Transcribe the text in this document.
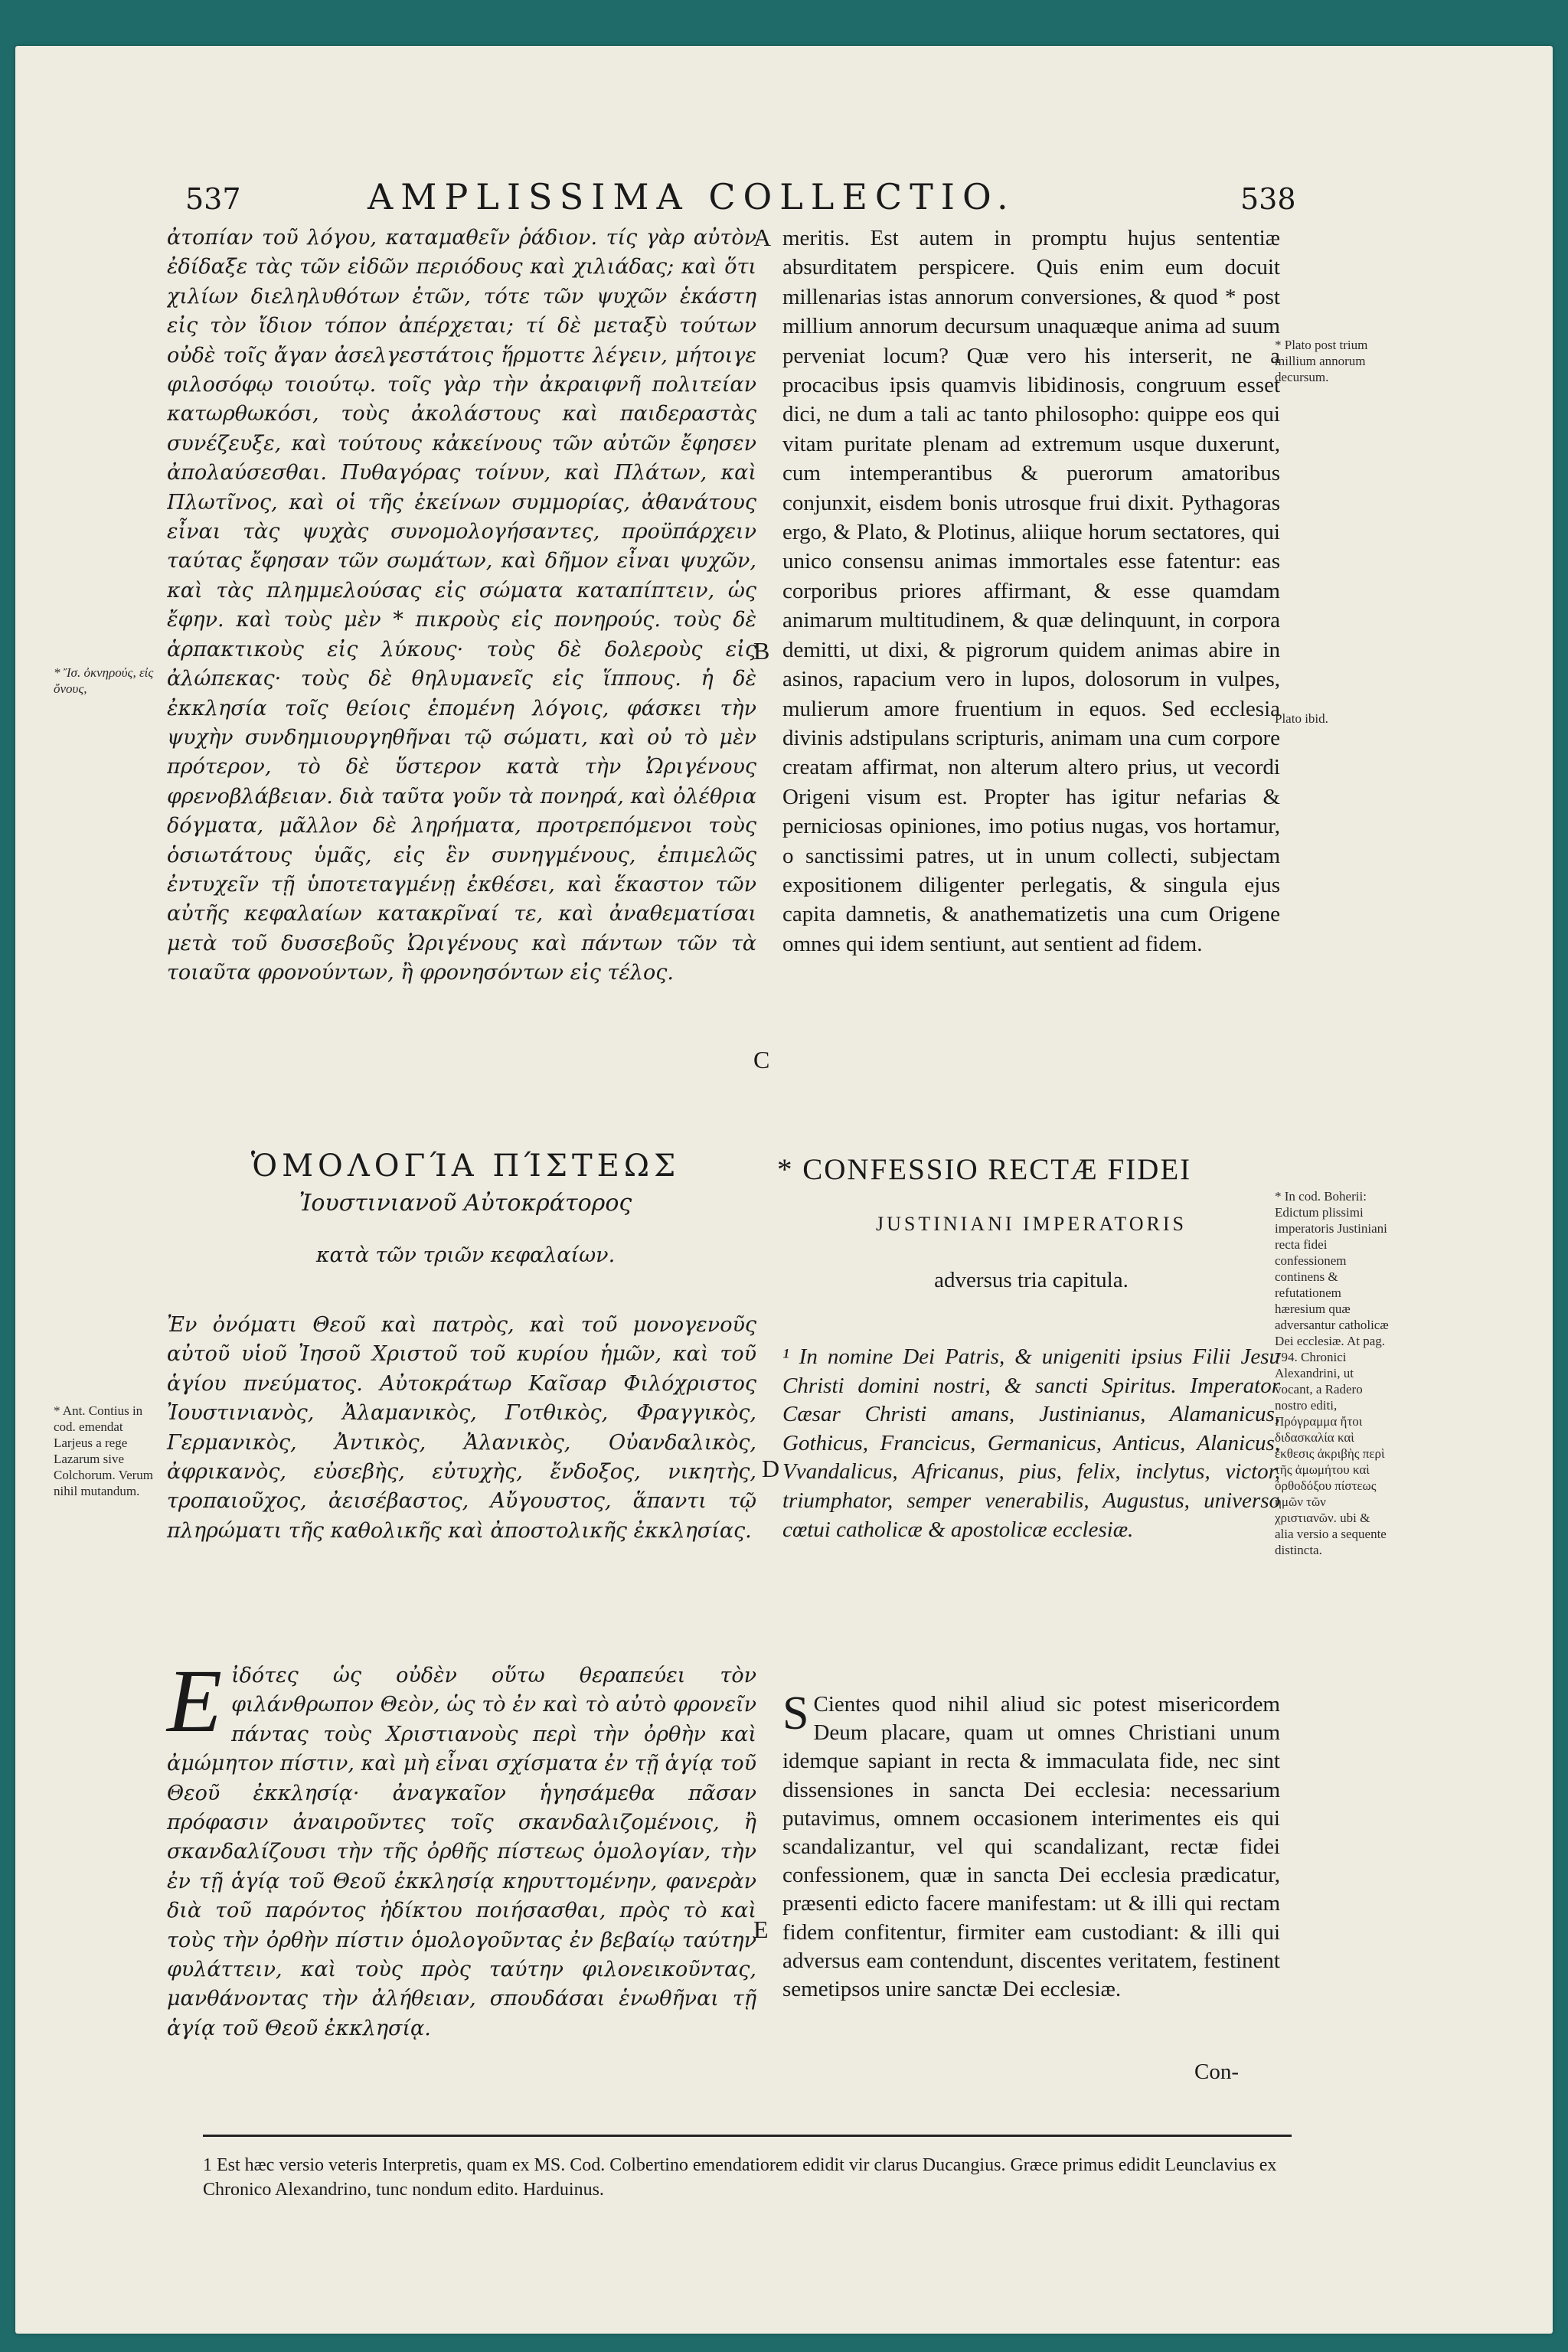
537	AMPLISSIMA COLLECTIO.	538

ἀτοπίαν τοῦ λόγου, καταμαθεῖν ῥάδιον. τίς γὰρ αὐτὸν ἐδίδαξε τὰς τῶν εἰδῶν περιόδους καὶ χιλιάδας; καὶ ὅτι χιλίων διεληλυθότων ἐτῶν, τότε τῶν ψυχῶν ἑκάστη εἰς τὸν ἴδιον τόπον ἀπέρχεται; τί δὲ μεταξὺ τούτων οὐδὲ τοῖς ἄγαν ἀσελγεστάτοις ἥρμοττε λέγειν, μήτοιγε φιλοσόφῳ τοιούτῳ. τοῖς γὰρ τὴν ἀκραιφνῆ πολιτείαν κατωρθωκόσι, τοὺς ἀκολάστους καὶ παιδεραστὰς συνέζευξε, καὶ τούτους κἀκείνους τῶν αὐτῶν ἔφησεν ἀπολαύσεσθαι. Πυθαγόρας τοίνυν, καὶ Πλάτων, καὶ Πλωτῖνος, καὶ οἱ τῆς ἐκείνων συμμορίας, ἀθανάτους εἶναι τὰς ψυχὰς συνομολογήσαντες, προϋπάρχειν ταύτας ἔφησαν τῶν σωμάτων, καὶ δῆμον εἶναι ψυχῶν, καὶ τὰς πλημμελούσας εἰς σώματα καταπίπτειν, ὡς ἔφην. καὶ τοὺς μὲν * πικροὺς εἰς πονηρούς. τοὺς δὲ ἁρπακτικοὺς εἰς λύκους· τοὺς δὲ δολεροὺς εἰς ἀλώπεκας· τοὺς δὲ θηλυμανεῖς εἰς ἵππους. ἡ δὲ ἐκκλησία τοῖς θείοις ἑπομένη λόγοις, φάσκει τὴν ψυχὴν συνδημιουργηθῆναι τῷ σώματι, καὶ οὐ τὸ μὲν πρότερον, τὸ δὲ ὕστερον κατὰ τὴν Ὠριγένους φρενοβλάβειαν. διὰ ταῦτα γοῦν τὰ πονηρά, καὶ ὀλέθρια δόγματα, μᾶλλον δὲ ληρήματα, προτρεπόμενοι τοὺς ὁσιωτάτους ὑμᾶς, εἰς ἓν συνηγμένους, ἐπιμελῶς ἐντυχεῖν τῇ ὑποτεταγμένῃ ἐκθέσει, καὶ ἕκαστον τῶν αὐτῆς κεφαλαίων κατακρῖναί τε, καὶ ἀναθεματίσαι μετὰ τοῦ δυσσεβοῦς Ὠριγένους καὶ πάντων τῶν τὰ τοιαῦτα φρονούντων, ἢ φρονησόντων εἰς τέλος.

meritis. Est autem in promptu hujus sententiæ absurditatem perspicere. Quis enim eum docuit millenarias istas annorum conversiones, & quod * post millium annorum decursum unaquæque anima ad suum perveniat locum? Quæ vero his interserit, ne a procacibus ipsis quamvis libidinosis, congruum esset dici, ne dum a tali ac tanto philosopho: quippe eos qui vitam puritate plenam ad extremum usque duxerunt, cum intemperantibus & puerorum amatoribus conjunxit, eisdem bonis utrosque frui dixit. Pythagoras ergo, & Plato, & Plotinus, aliique horum sectatores, qui unico consensu animas immortales esse fatentur: eas corporibus priores affirmant, & esse quamdam animarum multitudinem, & quæ delinquunt, in corpora demitti, ut dixi, & pigrorum quidem animas abire in asinos, rapacium vero in lupos, dolosorum in vulpes, mulierum amore fruentium in equos. Sed ecclesia divinis adstipulans scripturis, animam una cum corpore creatam affirmat, non alterum altero prius, ut vecordi Origeni visum est. Propter has igitur nefarias & perniciosas opiniones, imo potius nugas, vos hortamur, o sanctissimi patres, ut in unum collecti, subjectam expositionem diligenter perlegatis, & singula ejus capita damnetis, & anathematizetis una cum Origene omnes qui idem sentiunt, aut sentient ad fidem.

A
B
C
D
E
* Plato post trium millium annorum decursum.
Plato ibid.
* Ἴσ. ὀκνηρούς, εἰς ὄνους,
* Ant. Contius in cod. emendat Larjeus a rege Lazarum sive Colchorum. Verum nihil mutandum.
* In cod. Boherii: Edictum plissimi imperatoris Justiniani recta fidei confessionem continens & refutationem hæresium quæ adversantur catholicæ Dei ecclesiæ. At pag. 794. Chronici Alexandrini, ut vocant, a Radero nostro editi, Πρόγραμμα ἤτοι διδασκαλία καὶ ἔκθεσις ἀκριβὴς περὶ τῆς ἀμωμήτου καὶ ὀρθοδόξου πίστεως ἡμῶν τῶν χριστιανῶν. ubi & alia versio a sequente distincta.
ὉΜΟΛΟΓΊΑ ΠΊΣΤΕΩΣ
Ἰουστινιανοῦ Αὐτοκράτορος
κατὰ τῶν τριῶν κεφαλαίων.

Ἐν ὀνόματι Θεοῦ καὶ πατρὸς, καὶ τοῦ μονογενοῦς αὐτοῦ υἱοῦ Ἰησοῦ Χριστοῦ τοῦ κυρίου ἡμῶν, καὶ τοῦ ἁγίου πνεύματος. Αὐτοκράτωρ Καῖσαρ Φιλόχριστος Ἰουστινιανὸς, Ἀλαμανικὸς, Γοτθικὸς, Φραγγικὸς, Γερμανικὸς, Ἀντικὸς, Ἀλανικὸς, Οὐανδαλικὸς, ἀφρικανὸς, εὐσεβὴς, εὐτυχὴς, ἔνδοξος, νικητὴς, τροπαιοῦχος, ἀεισέβαστος, Αὔγουστος, ἅπαντι τῷ πληρώματι τῆς καθολικῆς καὶ ἀποστολικῆς ἐκκλησίας.

Ε ἰδότες ὡς οὐδὲν οὕτω θεραπεύει τὸν φιλάνθρωπον Θεὸν, ὡς τὸ ἐν καὶ τὸ αὐτὸ φρονεῖν πάντας τοὺς Χριστιανοὺς περὶ τὴν ὀρθὴν καὶ ἀμώμητον πίστιν, καὶ μὴ εἶναι σχίσματα ἐν τῇ ἁγίᾳ τοῦ Θεοῦ ἐκκλησίᾳ· ἀναγκαῖον ἡγησάμεθα πᾶσαν πρόφασιν ἀναιροῦντες τοῖς σκανδαλιζομένοις, ἢ σκανδαλίζουσι τὴν τῆς ὀρθῆς πίστεως ὁμολογίαν, τὴν ἐν τῇ ἁγίᾳ τοῦ Θεοῦ ἐκκλησίᾳ κηρυττομένην, φανερὰν διὰ τοῦ παρόντος ἠδίκτου ποιήσασθαι, πρὸς τὸ καὶ τοὺς τὴν ὀρθὴν πίστιν ὁμολογοῦντας ἐν βεβαίῳ ταύτην φυλάττειν, καὶ τοὺς πρὸς ταύτην φιλονεικοῦντας, μανθάνοντας τὴν ἀλήθειαν, σπουδάσαι ἑνωθῆναι τῇ ἁγίᾳ τοῦ Θεοῦ ἐκκλησίᾳ.

* CONFESSIO RECTÆ FIDEI
JUSTINIANI IMPERATORIS
adversus tria capitula.

¹ In nomine Dei Patris, & unigeniti ipsius Filii Jesu Christi domini nostri, & sancti Spiritus. Imperator Cæsar Christi amans, Justinianus, Alamanicus, Gothicus, Francicus, Germanicus, Anticus, Alanicus, Vvandalicus, Africanus, pius, felix, inclytus, victor, triumphator, semper venerabilis, Augustus, universo cœtui catholicæ & apostolicæ ecclesiæ.

S Cientes quod nihil aliud sic potest misericordem Deum placare, quam ut omnes Christiani unum idemque sapiant in recta & immaculata fide, nec sint dissensiones in sancta Dei ecclesia: necessarium putavimus, omnem occasionem interimentes eis qui scandalizantur, vel qui scandalizant, rectæ fidei confessionem, quæ in sancta Dei ecclesia prædicatur, præsenti edicto facere manifestam: ut & illi qui rectam fidem confitentur, firmiter eam custodiant: & illi qui adversus eam contendunt, discentes veritatem, festinent semetipsos unire sanctæ Dei ecclesiæ.

Con-
1 Est hæc versio veteris Interpretis, quam ex MS. Cod. Colbertino emendatiorem edidit vir clarus Ducangius. Græce primus edidit Leunclavius ex Chronico Alexandrino, tunc nondum edito. Harduinus.
